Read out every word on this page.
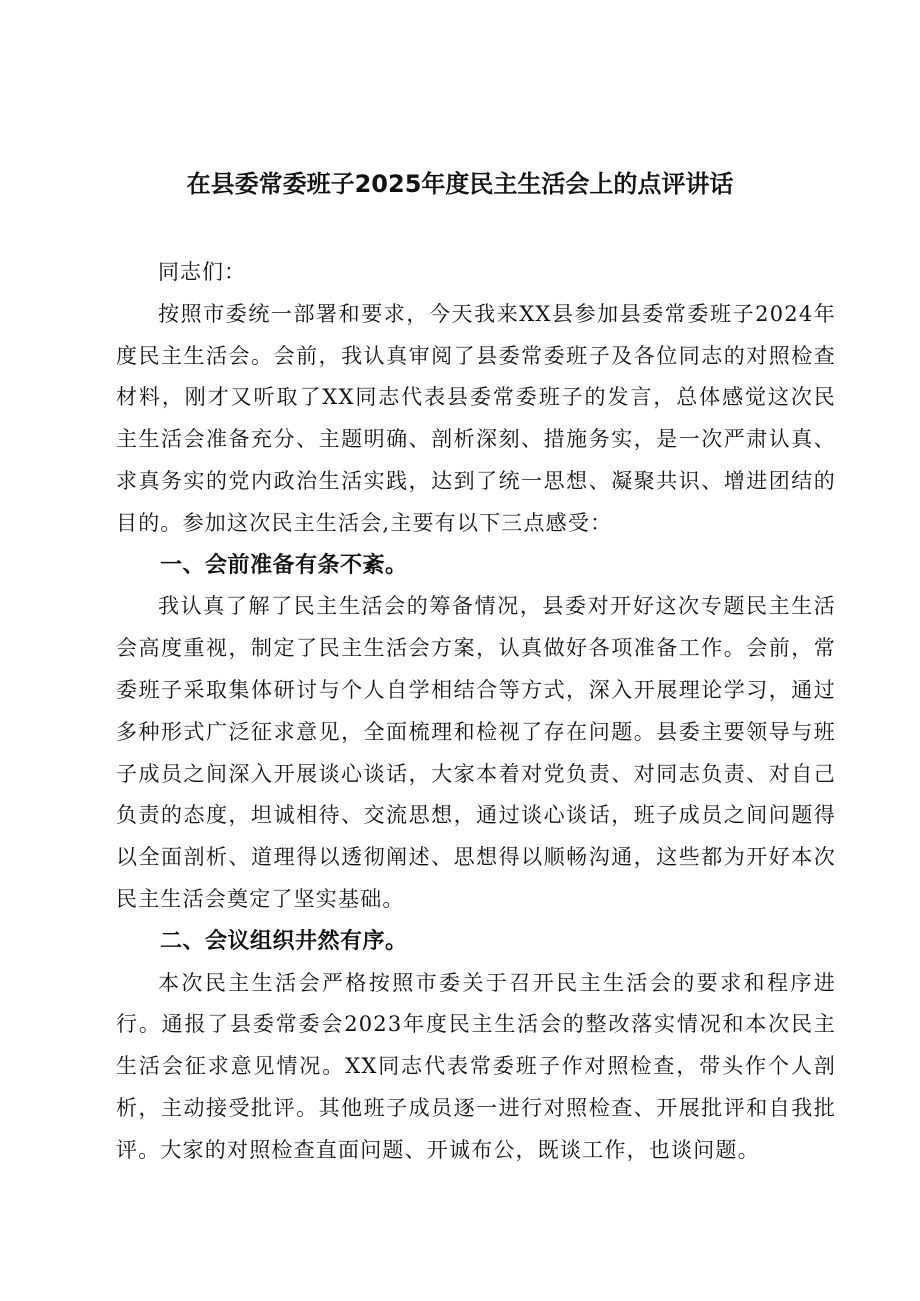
在县委常委班子2025年度民主生活会上的点评讲话

同志们：

按照市委统一部署和要求，今天我来XX县参加县委常委班子2024年度民主生活会。会前，我认真审阅了县委常委班子及各位同志的对照检查材料，刚才又听取了XX同志代表县委常委班子的发言，总体感觉这次民主生活会准备充分、主题明确、剖析深刻、措施务实，是一次严肃认真、求真务实的党内政治生活实践，达到了统一思想、凝聚共识、增进团结的目的。参加这次民主生活会,主要有以下三点感受：

一、会前准备有条不紊。

我认真了解了民主生活会的筹备情况，县委对开好这次专题民主生活会高度重视，制定了民主生活会方案，认真做好各项准备工作。会前，常委班子采取集体研讨与个人自学相结合等方式，深入开展理论学习，通过多种形式广泛征求意见，全面梳理和检视了存在问题。县委主要领导与班子成员之间深入开展谈心谈话，大家本着对党负责、对同志负责、对自己负责的态度，坦诚相待、交流思想，通过谈心谈话，班子成员之间问题得以全面剖析、道理得以透彻阐述、思想得以顺畅沟通，这些都为开好本次民主生活会奠定了坚实基础。

二、会议组织井然有序。

本次民主生活会严格按照市委关于召开民主生活会的要求和程序进行。通报了县委常委会2023年度民主生活会的整改落实情况和本次民主生活会征求意见情况。XX同志代表常委班子作对照检查，带头作个人剖析，主动接受批评。其他班子成员逐一进行对照检查、开展批评和自我批评。大家的对照检查直面问题、开诚布公，既谈工作，也谈问题。
